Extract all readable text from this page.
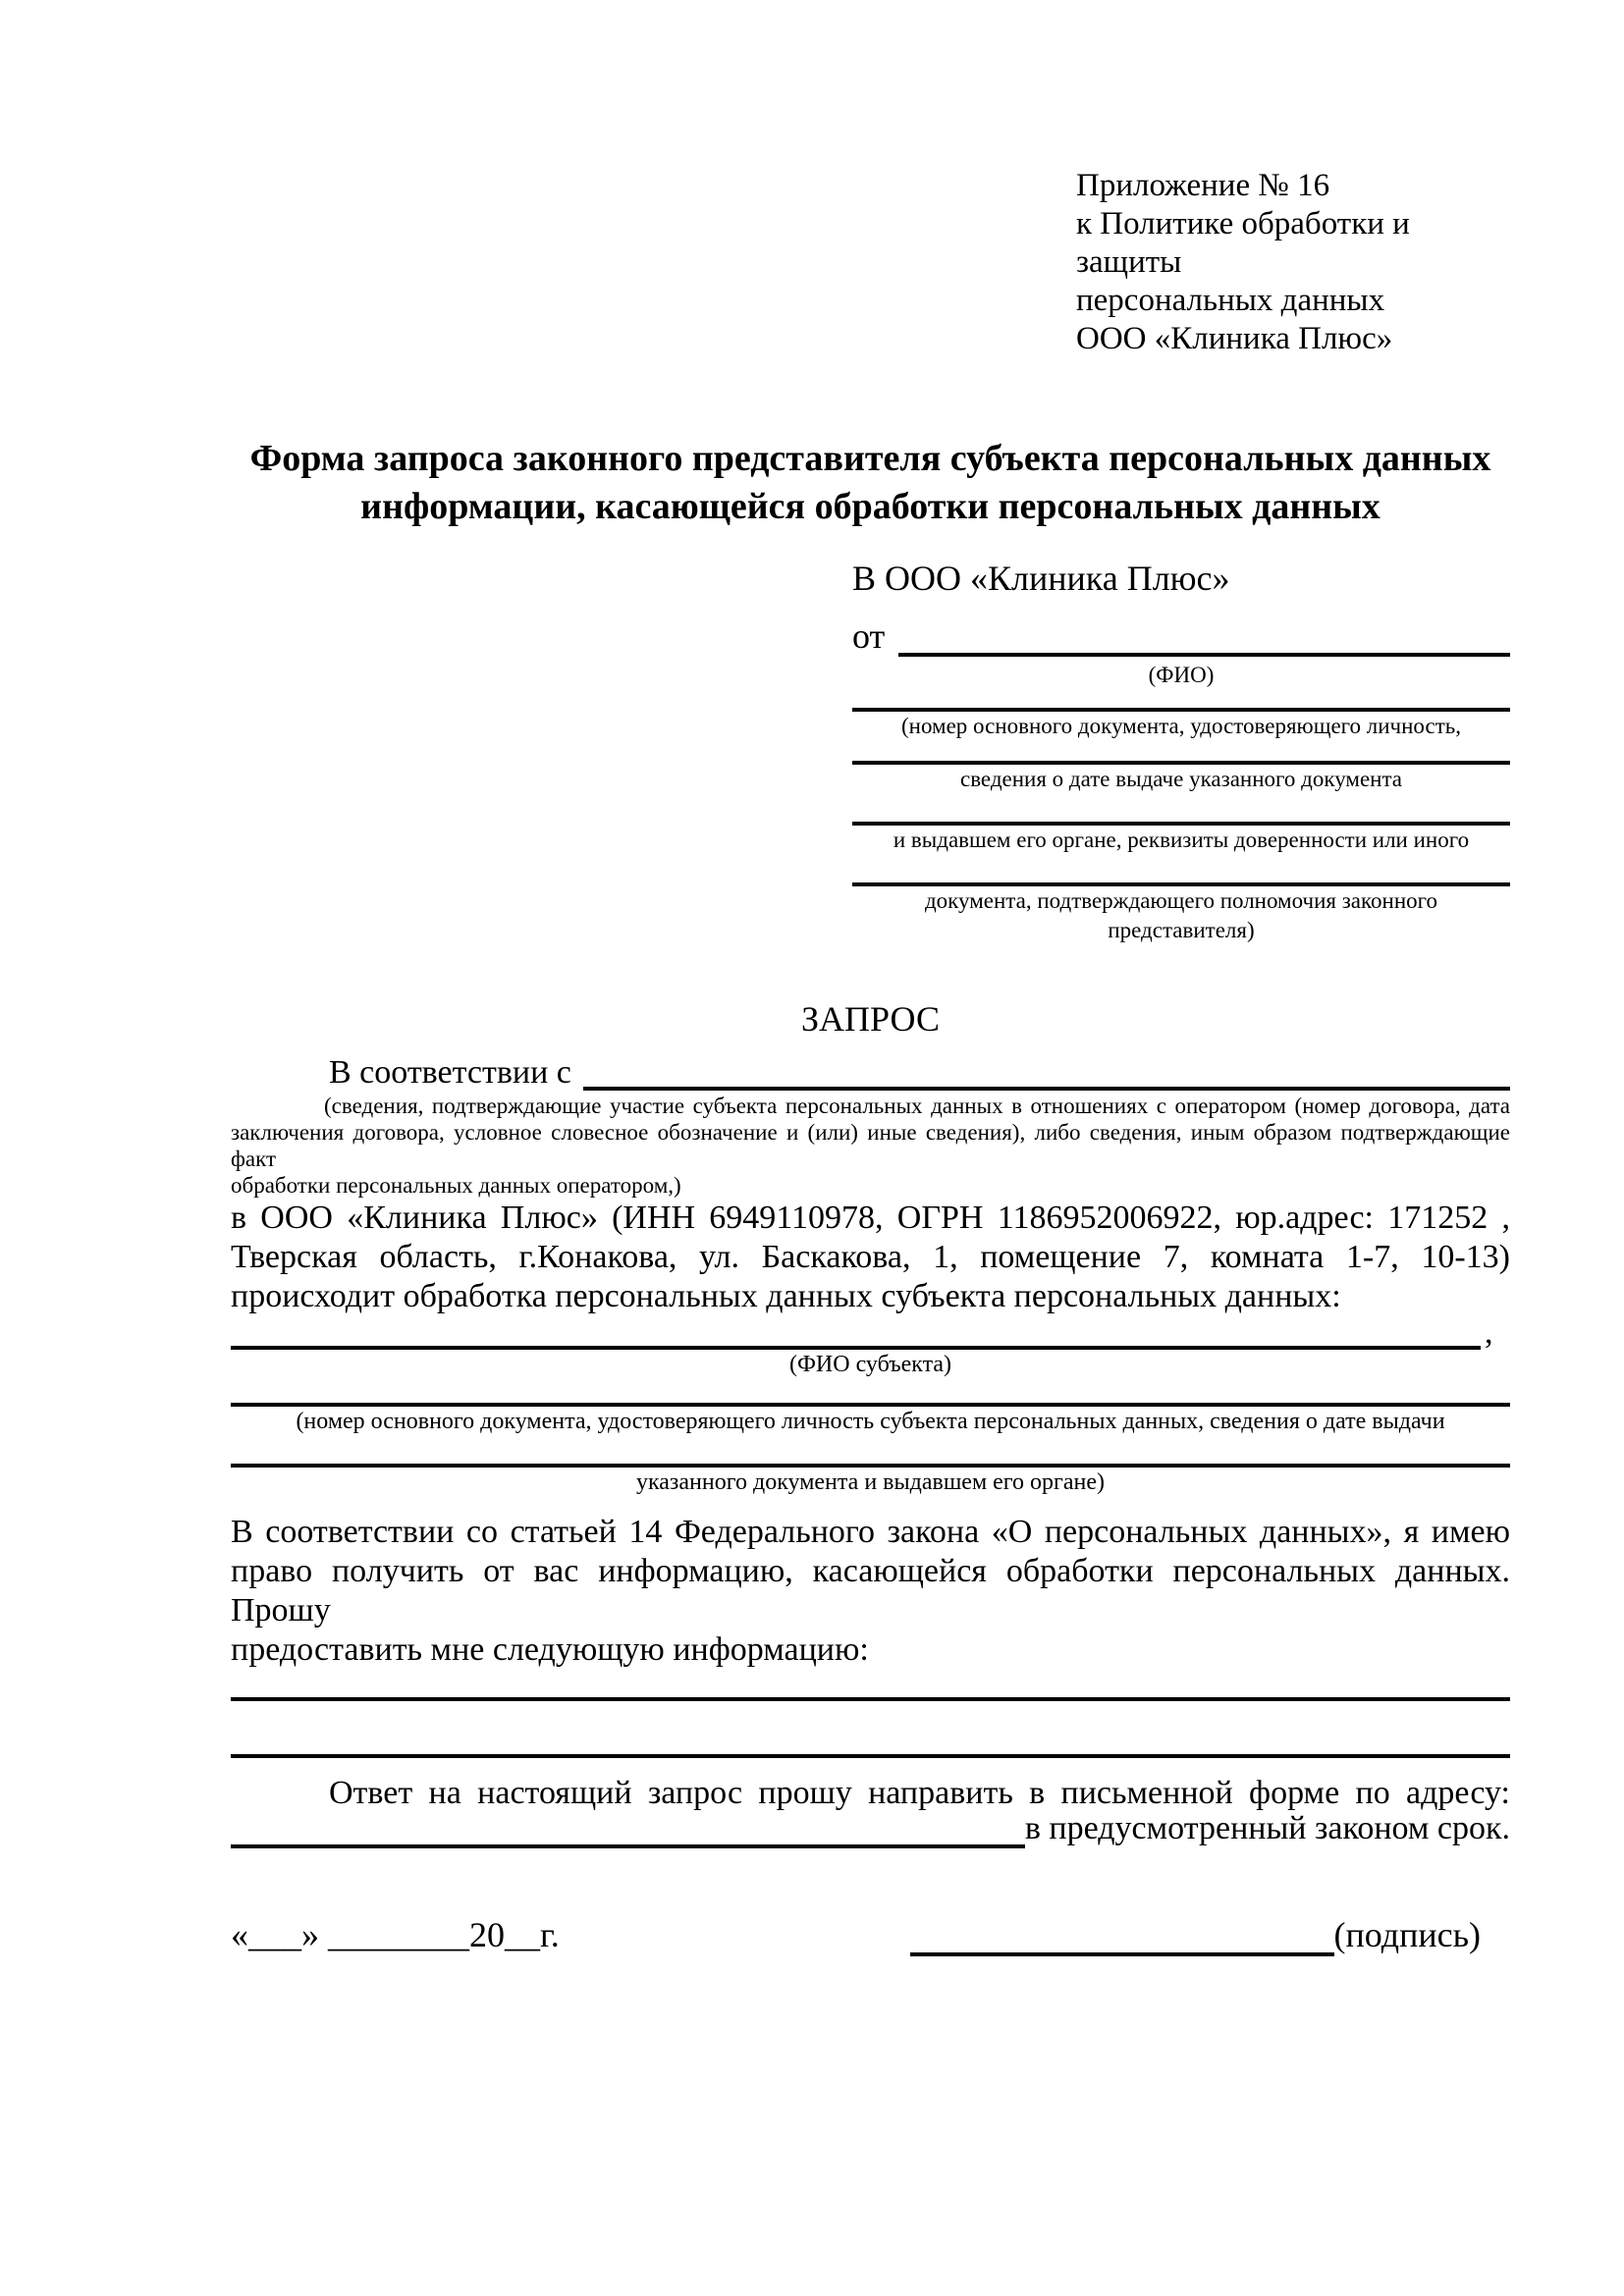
Приложение № 16
к Политике обработки и защиты
персональных данных
ООО «Клиника Плюс»
Форма запроса законного представителя субъекта персональных данных
информации, касающейся обработки персональных данных
В ООО «Клиника Плюс»
от
(ФИО)
(номер основного документа, удостоверяющего личность,
сведения о дате выдаче указанного документа
и выдавшем его органе, реквизиты доверенности или иного
документа, подтверждающего полномочия законного представителя)
ЗАПРОС
В соответствии с
(сведения, подтверждающие участие субъекта персональных данных в отношениях с оператором (номер договора, дата
заключения договора, условное словесное обозначение и (или) иные сведения), либо сведения, иным образом подтверждающие факт
обработки персональных данных оператором,)
в ООО «Клиника Плюс» (ИНН 6949110978, ОГРН 1186952006922, юр.адрес: 171252 ,
Тверская область, г.Конакова, ул. Баскакова, 1, помещение 7, комната 1-7, 10-13)
происходит обработка персональных данных субъекта персональных данных:
,
(ФИО субъекта)
(номер основного документа, удостоверяющего личность субъекта персональных данных, сведения о дате выдачи
указанного документа и выдавшем его органе)
В соответствии со статьей 14 Федерального закона «О персональных данных», я имею
право получить от вас информацию, касающейся обработки персональных данных. Прошу
предоставить мне следующую информацию:
Ответ на настоящий запрос прошу направить в письменной форме по адресу:
в предусмотренный законом срок.
«___» ________20__г.	(подпись)
